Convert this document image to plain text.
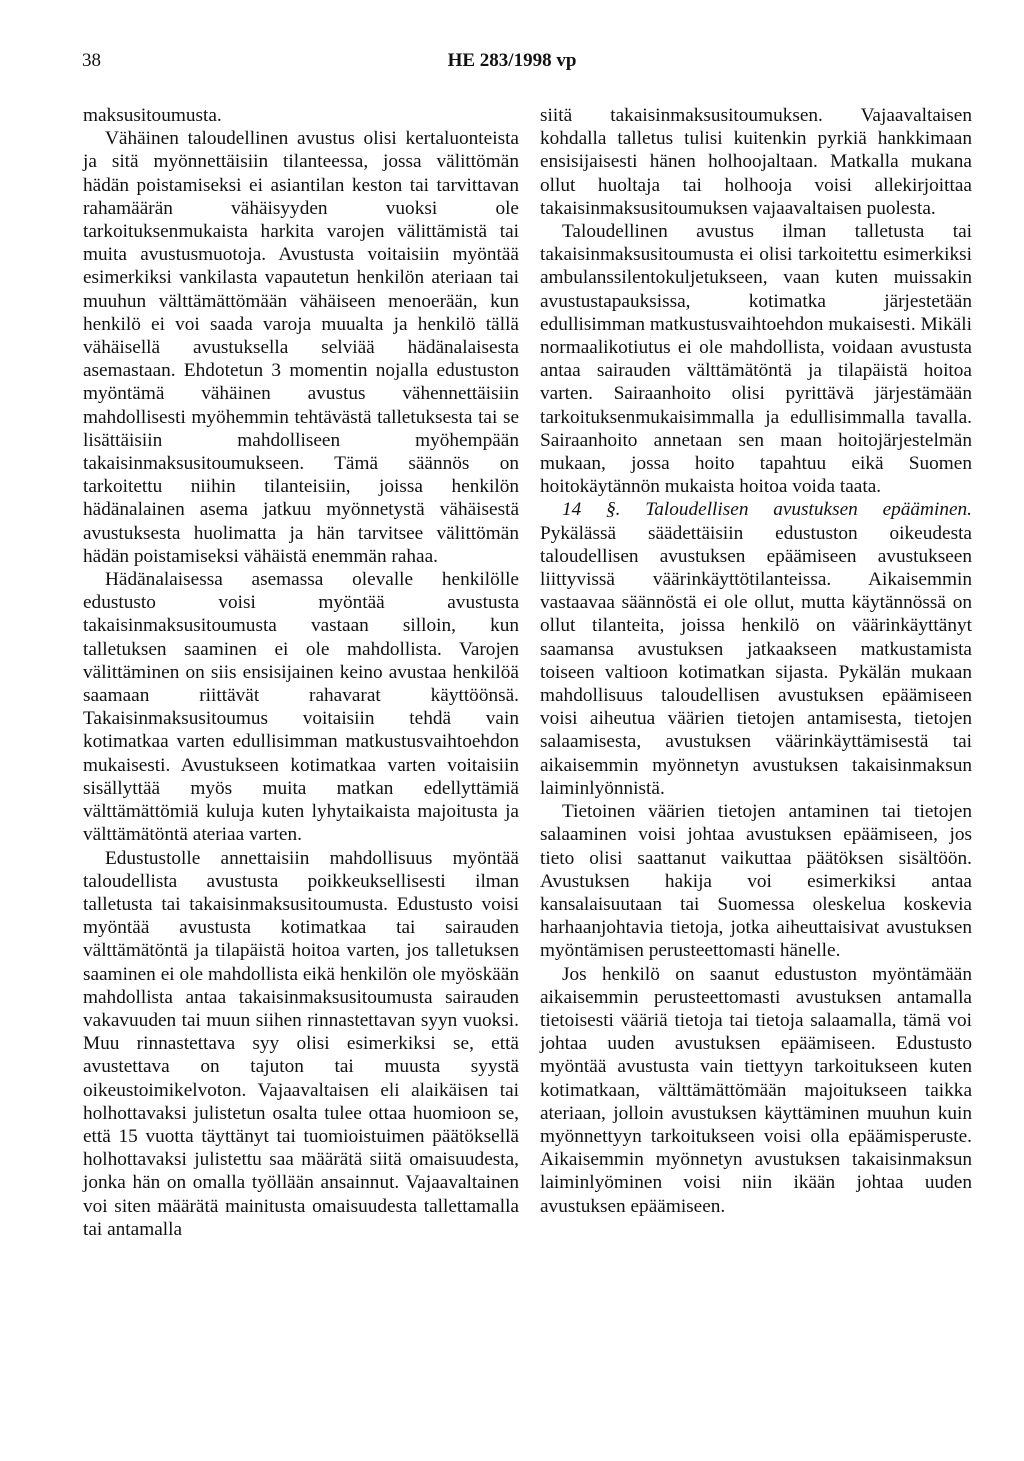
38	HE 283/1998 vp

maksusitoumusta.

Vähäinen taloudellinen avustus olisi kertaluonteista ja sitä myönnettäisiin tilanteessa, jossa välittömän hädän poistamiseksi ei asiantilan keston tai tarvittavan rahamäärän vähäisyyden vuoksi ole tarkoituksenmukaista harkita varojen välittämistä tai muita avustusmuotoja. Avustusta voitaisiin myöntää esimerkiksi vankilasta vapautetun henkilön ateriaan tai muuhun välttämättömään vähäiseen menoerään, kun henkilö ei voi saada varoja muualta ja henkilö tällä vähäisellä avustuksella selviää hädänalaisesta asemastaan. Ehdotetun 3 momentin nojalla edustuston myöntämä vähäinen avustus vähennettäisiin mahdollisesti myöhemmin tehtävästä talletuksesta tai se lisättäisiin mahdolliseen myöhempään takaisinmaksusitoumukseen. Tämä säännös on tarkoitettu niihin tilanteisiin, joissa henkilön hädänalainen asema jatkuu myönnetystä vähäisestä avustuksesta huolimatta ja hän tarvitsee välittömän hädän poistamiseksi vähäistä enemmän rahaa.

Hädänalaisessa asemassa olevalle henkilölle edustusto voisi myöntää avustusta takaisinmaksusitoumusta vastaan silloin, kun talletuksen saaminen ei ole mahdollista. Varojen välittäminen on siis ensisijainen keino avustaa henkilöä saamaan riittävät rahavarat käyttöönsä. Takaisinmaksusitoumus voitaisiin tehdä vain kotimatkaa varten edullisimman matkustusvaihtoehdon mukaisesti. Avustukseen kotimatkaa varten voitaisiin sisällyttää myös muita matkan edellyttämiä välttämättömiä kuluja kuten lyhytaikaista majoitusta ja välttämätöntä ateriaa varten.

Edustustolle annettaisiin mahdollisuus myöntää taloudellista avustusta poikkeuksellisesti ilman talletusta tai takaisinmaksusitoumusta. Edustusto voisi myöntää avustusta kotimatkaa tai sairauden välttämätöntä ja tilapäistä hoitoa varten, jos talletuksen saaminen ei ole mahdollista eikä henkilön ole myöskään mahdollista antaa takaisinmaksusitoumusta sairauden vakavuuden tai muun siihen rinnastettavan syyn vuoksi. Muu rinnastettava syy olisi esimerkiksi se, että avustettava on tajuton tai muusta syystä oikeustoimikelvoton. Vajaavaltaisen eli alaikäisen tai holhottavaksi julistetun osalta tulee ottaa huomioon se, että 15 vuotta täyttänyt tai tuomioistuimen päätöksellä holhottavaksi julistettu saa määrätä siitä omaisuudesta, jonka hän on omalla työllään ansainnut. Vajaavaltainen voi siten määrätä mainitusta omaisuudesta tallettamalla tai antamalla

siitä takaisinmaksusitoumuksen. Vajaavaltaisen kohdalla talletus tulisi kuitenkin pyrkiä hankkimaan ensisijaisesti hänen holhoojaltaan. Matkalla mukana ollut huoltaja tai holhooja voisi allekirjoittaa takaisinmaksusitoumuksen vajaavaltaisen puolesta.

Taloudellinen avustus ilman talletusta tai takaisinmaksusitoumusta ei olisi tarkoitettu esimerkiksi ambulanssilentokuljetukseen, vaan kuten muissakin avustustapauksissa, kotimatka järjestetään edullisimman matkustusvaihtoehdon mukaisesti. Mikäli normaalikotiutus ei ole mahdollista, voidaan avustusta antaa sairauden välttämätöntä ja tilapäistä hoitoa varten. Sairaanhoito olisi pyrittävä järjestämään tarkoituksenmukaisimmalla ja edullisimmalla tavalla. Sairaanhoito annetaan sen maan hoitojärjestelmän mukaan, jossa hoito tapahtuu eikä Suomen hoitokäytännön mukaista hoitoa voida taata.

14 §. Taloudellisen avustuksen epääminen. Pykälässä säädettäisiin edustuston oikeudesta taloudellisen avustuksen epäämiseen avustukseen liittyvissä väärinkäyttötilanteissa. Aikaisemmin vastaavaa säännöstä ei ole ollut, mutta käytännössä on ollut tilanteita, joissa henkilö on väärinkäyttänyt saamansa avustuksen jatkaakseen matkustamista toiseen valtioon kotimatkan sijasta. Pykälän mukaan mahdollisuus taloudellisen avustuksen epäämiseen voisi aiheutua väärien tietojen antamisesta, tietojen salaamisesta, avustuksen väärinkäyttämisestä tai aikaisemmin myönnetyn avustuksen takaisinmaksun laiminlyönnistä.

Tietoinen väärien tietojen antaminen tai tietojen salaaminen voisi johtaa avustuksen epäämiseen, jos tieto olisi saattanut vaikuttaa päätöksen sisältöön. Avustuksen hakija voi esimerkiksi antaa kansalaisuutaan tai Suomessa oleskelua koskevia harhaanjohtavia tietoja, jotka aiheuttaisivat avustuksen myöntämisen perusteettomasti hänelle.

Jos henkilö on saanut edustuston myöntämään aikaisemmin perusteettomasti avustuksen antamalla tietoisesti vääriä tietoja tai tietoja salaamalla, tämä voi johtaa uuden avustuksen epäämiseen. Edustusto myöntää avustusta vain tiettyyn tarkoitukseen kuten kotimatkaan, välttämättömään majoitukseen taikka ateriaan, jolloin avustuksen käyttäminen muuhun kuin myönnettyyn tarkoitukseen voisi olla epäämisperuste. Aikaisemmin myönnetyn avustuksen takaisinmaksun laiminlyöminen voisi niin ikään johtaa uuden avustuksen epäämiseen.
